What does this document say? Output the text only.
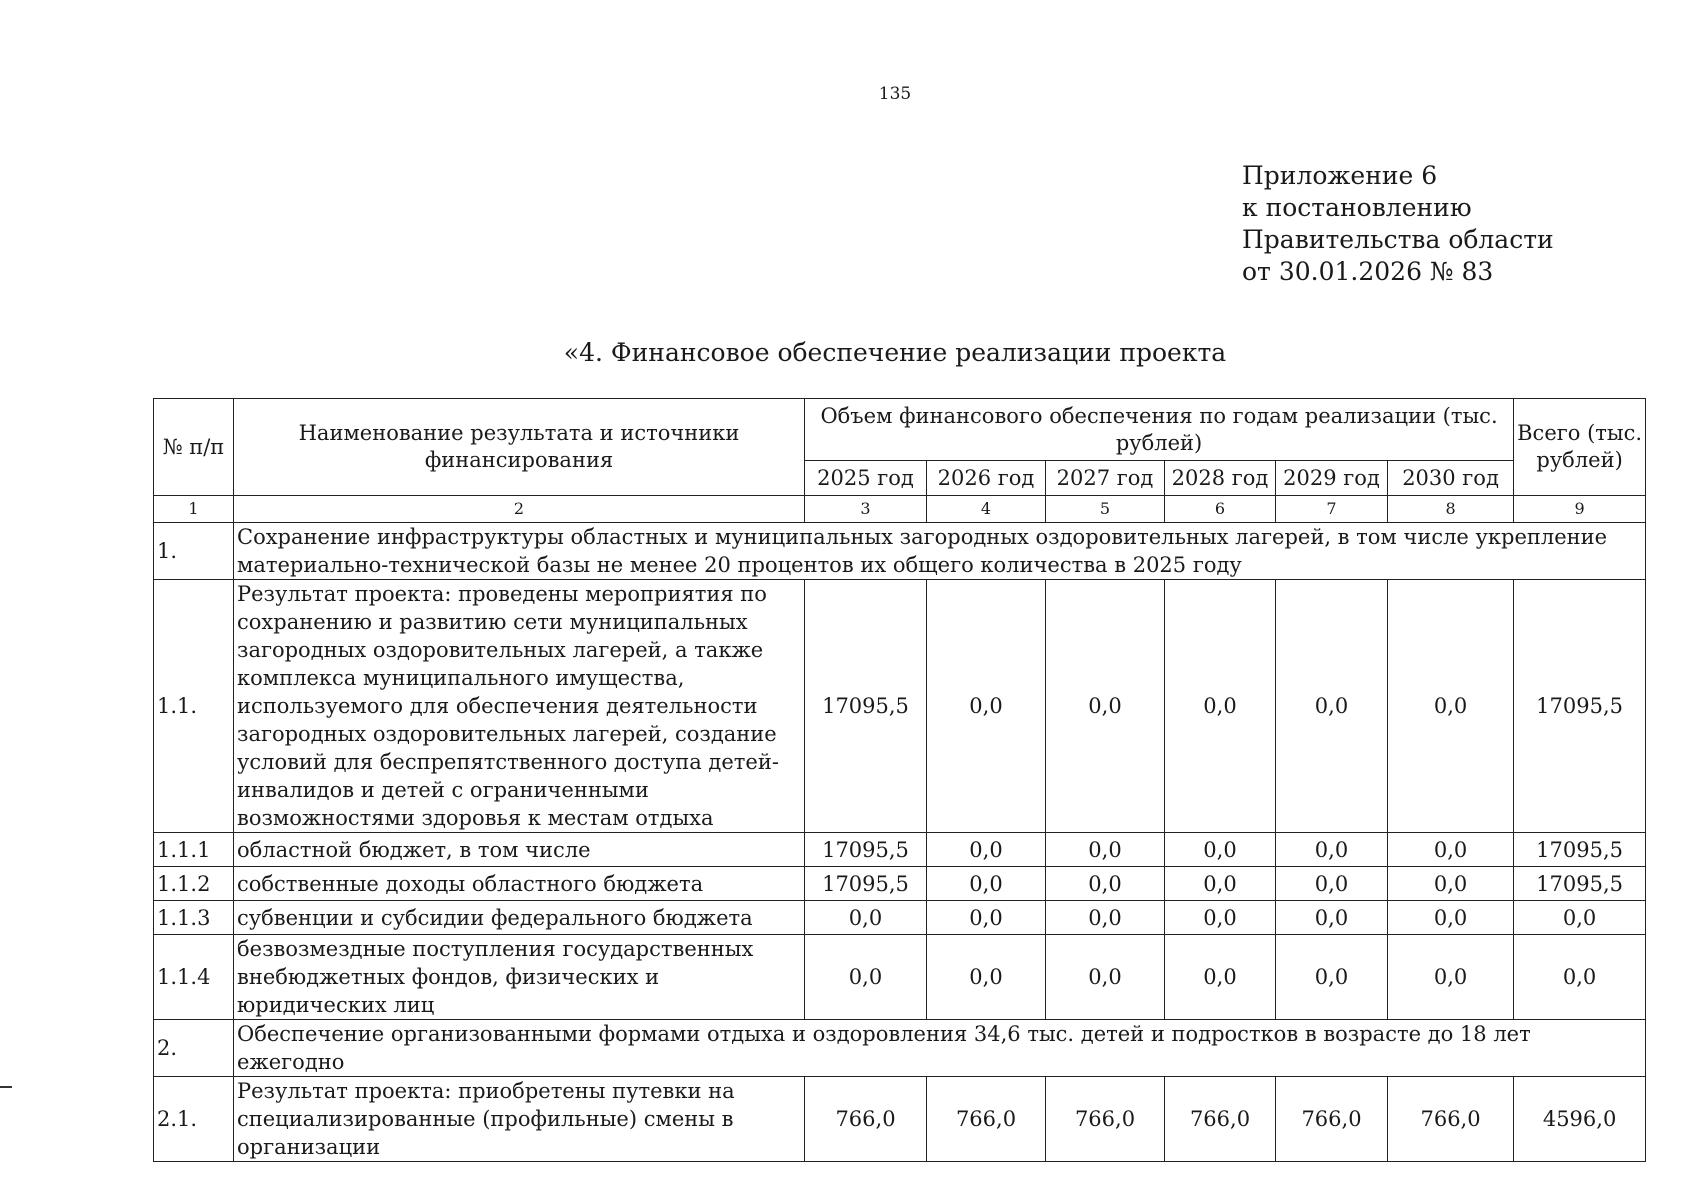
135
Приложение 6
к постановлению
Правительства области
от 30.01.2026 № 83
«4. Финансовое обеспечение реализации проекта
№ п/п	Наименование результата и источники финансирования	Объем финансового обеспечения по годам реализации (тыс. рублей)						Всего (тыс. рублей)
		2025 год	2026 год	2027 год	2028 год	2029 год	2030 год	
1	2	3	4	5	6	7	8	9
1.	Сохранение инфраструктуры областных и муниципальных загородных оздоровительных лагерей, в том числе укрепление материально-технической базы не менее 20 процентов их общего количества в 2025 году							
1.1.	Результат проекта: проведены мероприятия по сохранению и развитию сети муниципальных загородных оздоровительных лагерей, а также комплекса муниципального имущества, используемого для обеспечения деятельности загородных оздоровительных лагерей, создание условий для беспрепятственного доступа детей-инвалидов и детей с ограниченными возможностями здоровья к местам отдыха	17095,5	0,0	0,0	0,0	0,0	0,0	17095,5
1.1.1	областной бюджет, в том числе	17095,5	0,0	0,0	0,0	0,0	0,0	17095,5
1.1.2	собственные доходы областного бюджета	17095,5	0,0	0,0	0,0	0,0	0,0	17095,5
1.1.3	субвенции и субсидии федерального бюджета	0,0	0,0	0,0	0,0	0,0	0,0	0,0
1.1.4	безвозмездные поступления государственных внебюджетных фондов, физических и юридических лиц	0,0	0,0	0,0	0,0	0,0	0,0	0,0
2.	Обеспечение организованными формами отдыха и оздоровления 34,6 тыс. детей и подростков в возрасте до 18 лет ежегодно							
2.1.	Результат проекта: приобретены путевки на специализированные (профильные) смены в организации	766,0	766,0	766,0	766,0	766,0	766,0	4596,0
